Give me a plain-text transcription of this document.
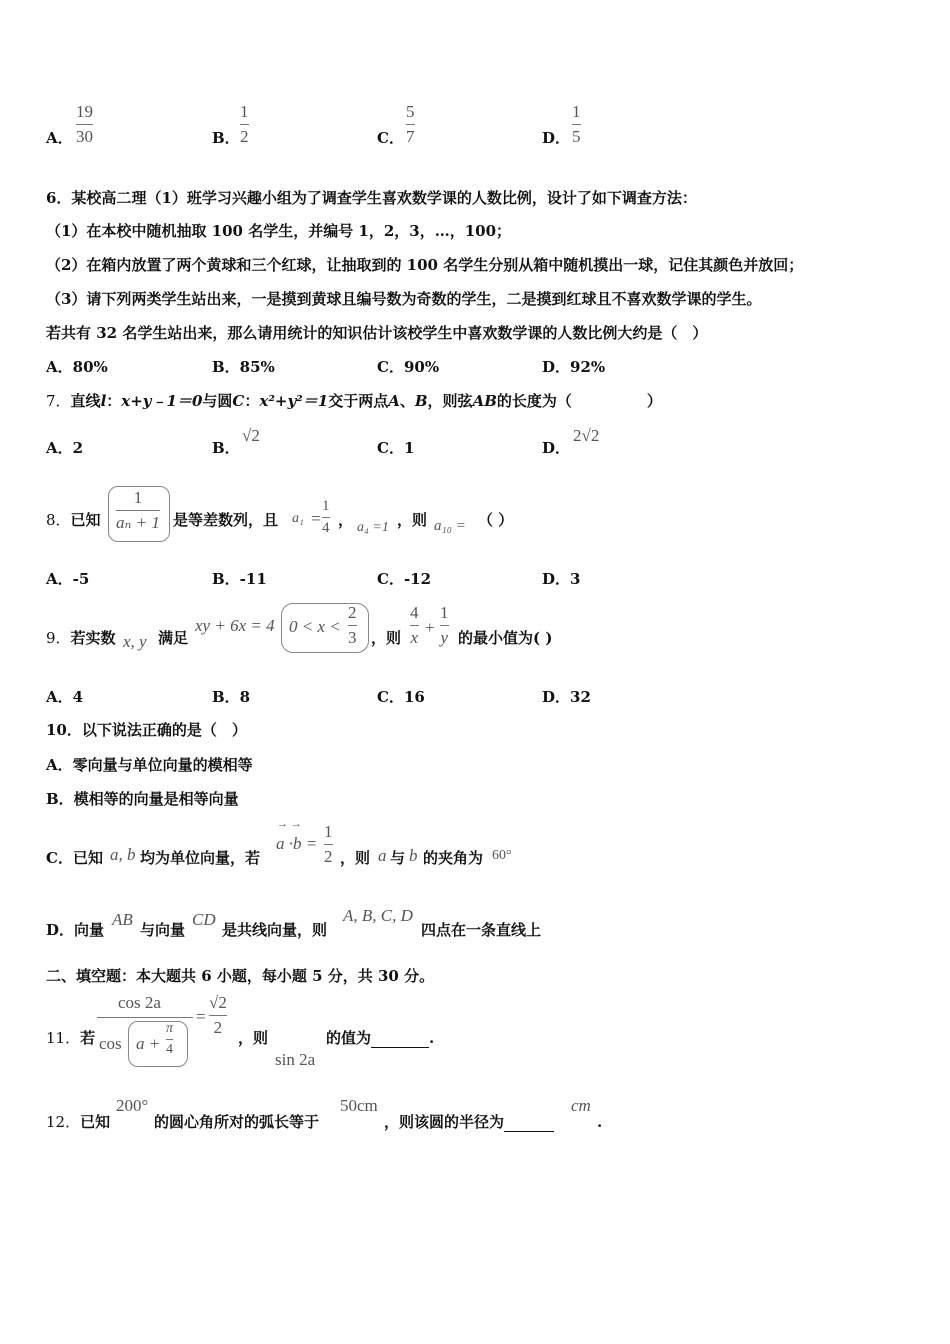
A．
19
30	B．
1
2	C．
5
7	D．
1
5
6．某校高二理（1）班学习兴趣小组为了调查学生喜欢数学课的人数比例，设计了如下调查方法：
（1）在本校中随机抽取 100 名学生，并编号 1，2，3，…，100；
（2）在箱内放置了两个黄球和三个红球，让抽取到的 100 名学生分别从箱中随机摸出一球，记住其颜色并放回；
（3）请下列两类学生站出来，一是摸到黄球且编号数为奇数的学生，二是摸到红球且不喜欢数学课的学生。
若共有 32 名学生站出来，那么请用统计的知识估计该校学生中喜欢数学课的人数比例大约是（　）
A．80%	B．85%	C．90%	D．92%
7．直线l：x+y﹣1＝0与圆C：x²+y²＝1交于两点A、B，则弦AB的长度为（　　　　　）
A．2	B．
√2
C．1	D．
2√2
8．已知
1
aₙ + 1 是等差数列，且 a₁ =
1
4 ， a₄ =1 ，则 a₁₀ = （ ）
A．-5	B．-11	C．-12	D．3
9．若实数 x, y 满足
xy + 6x = 4 0 < x <
2
3 ，则
4
x
+
1
y 的最小值为( )
A．4	B．8	C．16	D．32
10．以下说法正确的是（　）
A．零向量与单位向量的模相等
B．模相等的向量是相等向量
C．已知 a, b 均为单位向量，若
→ →
a ·b =
1
2 ，则 a 与 b 的夹角为 60°
D．向量
AB
与向量
CD
是共线向量，则
A, B, C, D
四点在一条直线上
二、填空题：本大题共 6 小题，每小题 5 分，共 30 分。
11．若
cos 2a
cos a +
π
4
=
√2
2
，则
sin 2a
的值为	.
12．已知
200°
的圆心角所对的弧长等于
50cm
，则该圆的半径为
cm
.
